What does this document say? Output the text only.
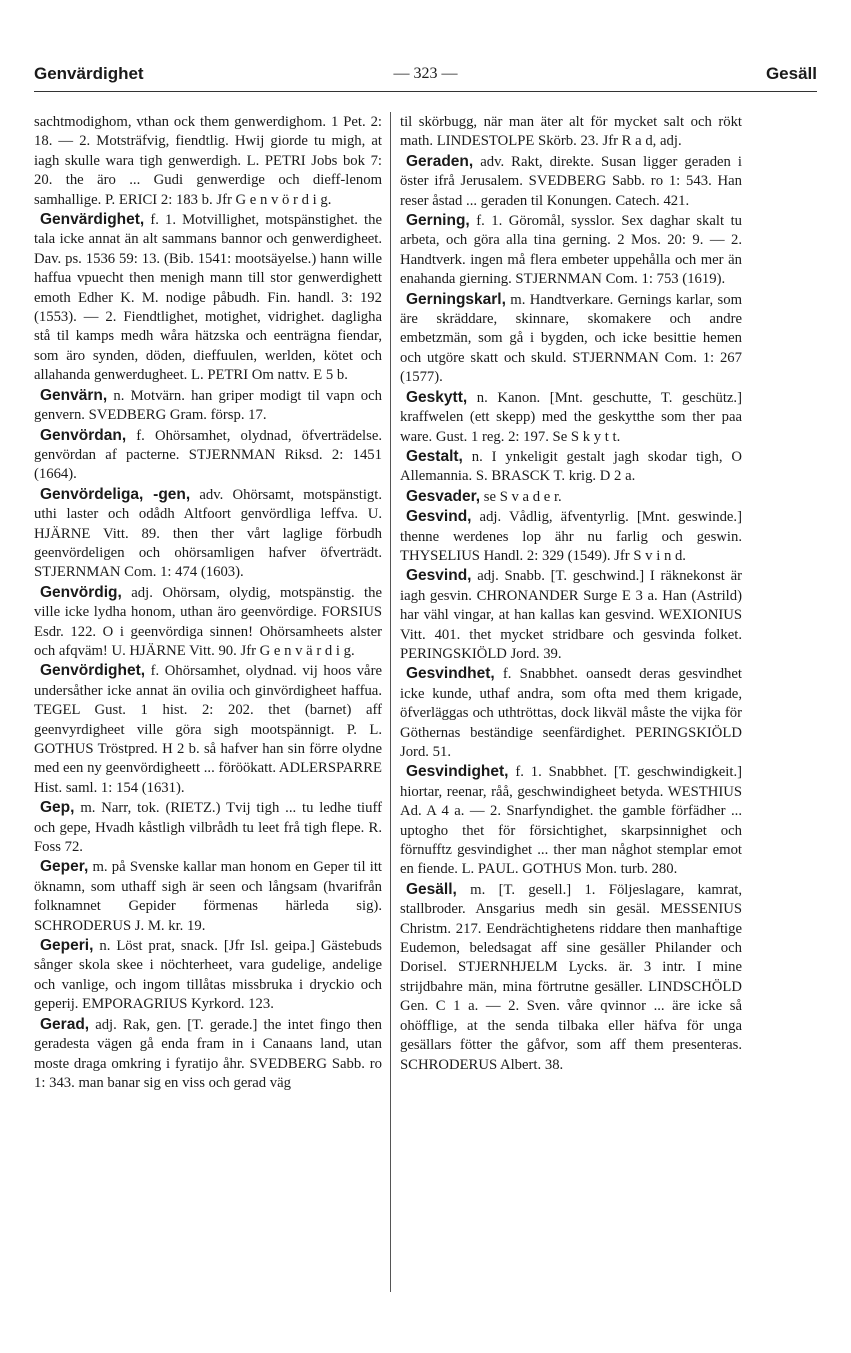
Genvärdighet	— 323 —	Gesäll

sachtmodighom, vthan ock them genwerdighom. 1 Pet. 2: 18. — 2. Motsträfvig, fiendtlig. Hwij giorde tu migh, at iagh skulle wara tigh genwerdigh. L. PETRI Jobs bok 7: 20. the äro ... Gudi genwerdige och dieff-lenom samhallige. P. ERICI 2: 183 b. Jfr G e n v ö r d i g.

Genvärdighet, f. 1. Motvillighet, motspänstighet. the tala icke annat än alt sammans bannor och genwerdigheet. Dav. ps. 1536 59: 13. (Bib. 1541: mootsäyelse.) hann wille haffua vpuecht then menigh mann till stor genwerdighett emoth Edher K. M. nodige påbudh. Fin. handl. 3: 192 (1553). — 2. Fiendtlighet, motighet, vidrighet. dagligha stå til kamps medh wåra hätzska och eenträgna fiendar, som äro synden, döden, dieffuulen, werlden, kötet och allahanda genwerdugheet. L. PETRI Om nattv. E 5 b.

Genvärn, n. Motvärn. han griper modigt til vapn och genvern. SVEDBERG Gram. försp. 17.

Genvördan, f. Ohörsamhet, olydnad, öfverträdelse. genvördan af pacterne. STJERNMAN Riksd. 2: 1451 (1664).

Genvördeliga, -gen, adv. Ohörsamt, motspänstigt. uthi laster och odådh Altfoort genvördliga leffva. U. HJÄRNE Vitt. 89. then ther vårt laglige förbudh geenvördeligen och ohörsamligen hafver öfverträdt. STJERNMAN Com. 1: 474 (1603).

Genvördig, adj. Ohörsam, olydig, motspänstig. the ville icke lydha honom, uthan äro geenvördige. FORSIUS Esdr. 122. O i geenvördiga sinnen! Ohörsamheets alster och afqväm! U. HJÄRNE Vitt. 90. Jfr G e n v ä r d i g.

Genvördighet, f. Ohörsamhet, olydnad. vij hoos våre undersåther icke annat än ovilia och ginvördigheet haffua. TEGEL Gust. 1 hist. 2: 202. thet (barnet) aff geenvyrdigheet ville göra sigh mootspännigt. P. L. GOTHUS Tröstpred. H 2 b. så hafver han sin förre olydne med een ny geenvördigheett ... föröökatt. ADLERSPARRE Hist. saml. 1: 154 (1631).

Gep, m. Narr, tok. (RIETZ.) Tvij tigh ... tu ledhe tiuff och gepe, Hvadh kåstligh vilbrådh tu leet frå tigh flepe. R. Foss 72.

Geper, m. på Svenske kallar man honom en Geper til itt öknamn, som uthaff sigh är seen och långsam (hvarifrån folknamnet Gepider förmenas härleda sig). SCHRODERUS J. M. kr. 19.

Geperi, n. Löst prat, snack. [Jfr Isl. geipa.] Gästebuds sånger skola skee i nöchterheet, vara gudelige, andelige och vanlige, och ingom tillåtas missbruka i dryckio och geperij. EMPORAGRIUS Kyrkord. 123.

Gerad, adj. Rak, gen. [T. gerade.] the intet fingo then geradesta vägen gå enda fram in i Canaans land, utan moste draga omkring i fyratijo åhr. SVEDBERG Sabb. ro 1: 343. man banar sig en viss och gerad väg

til skörbugg, när man äter alt för mycket salt och rökt math. LINDESTOLPE Skörb. 23. Jfr R a d, adj.

Geraden, adv. Rakt, direkte. Susan ligger geraden i öster ifrå Jerusalem. SVEDBERG Sabb. ro 1: 543. Han reser åstad ... geraden til Konungen. Catech. 421.

Gerning, f. 1. Göromål, sysslor. Sex daghar skalt tu arbeta, och göra alla tina gerning. 2 Mos. 20: 9. — 2. Handtverk. ingen må flera embeter uppehålla och mer än enahanda gierning. STJERNMAN Com. 1: 753 (1619).

Gerningskarl, m. Handtverkare. Gernings karlar, som äre skräddare, skinnare, skomakere och andre embetzmän, som gå i bygden, och icke besittie hemen och utgöre skatt och skuld. STJERNMAN Com. 1: 267 (1577).

Geskytt, n. Kanon. [Mnt. geschutte, T. geschütz.] kraffwelen (ett skepp) med the geskytthe som ther paa ware. Gust. 1 reg. 2: 197. Se S k y t t.

Gestalt, n. I ynkeligit gestalt jagh skodar tigh, O Allemannia. S. BRASCK T. krig. D 2 a.

Gesvader, se S v a d e r.

Gesvind, adj. Vådlig, äfventyrlig. [Mnt. geswinde.] thenne werdenes lop ähr nu farlig och geswin. THYSELIUS Handl. 2: 329 (1549). Jfr S v i n d.

Gesvind, adj. Snabb. [T. geschwind.] I räknekonst är iagh gesvin. CHRONANDER Surge E 3 a. Han (Astrild) har vähl vingar, at han kallas kan gesvind. WEXIONIUS Vitt. 401. thet mycket stridbare och gesvinda folket. PERINGSKIÖLD Jord. 39.

Gesvindhet, f. Snabbhet. oansedt deras gesvindhet icke kunde, uthaf andra, som ofta med them krigade, öfverläggas och uthtröttas, dock likväl måste the vijka för Göthernas beständige seenfärdighet. PERINGSKIÖLD Jord. 51.

Gesvindighet, f. 1. Snabbhet. [T. geschwindigkeit.] hiortar, reenar, råå, geschwindigheet betyda. WESTHIUS Ad. A 4 a. — 2. Snarfyndighet. the gamble förfädher ... uptogho thet för försichtighet, skarpsinnighet och förnufftz gesvindighet ... ther man någhot stemplar emot en fiende. L. PAUL. GOTHUS Mon. turb. 280.

Gesäll, m. [T. gesell.] 1. Följeslagare, kamrat, stallbroder. Ansgarius medh sin gesäl. MESSENIUS Christm. 217. Eendrächtighetens riddare then manhaftige Eudemon, beledsagat aff sine gesäller Philander och Dorisel. STJERNHJELM Lycks. är. 3 intr. I mine strijdbahre män, mina förtrutne gesäller. LINDSCHÖLD Gen. C 1 a. — 2. Sven. våre qvinnor ... äre icke så ohöfflige, at the senda tilbaka eller häfva för unga gesällars fötter the gåfvor, som aff them presenteras. SCHRODERUS Albert. 38.
